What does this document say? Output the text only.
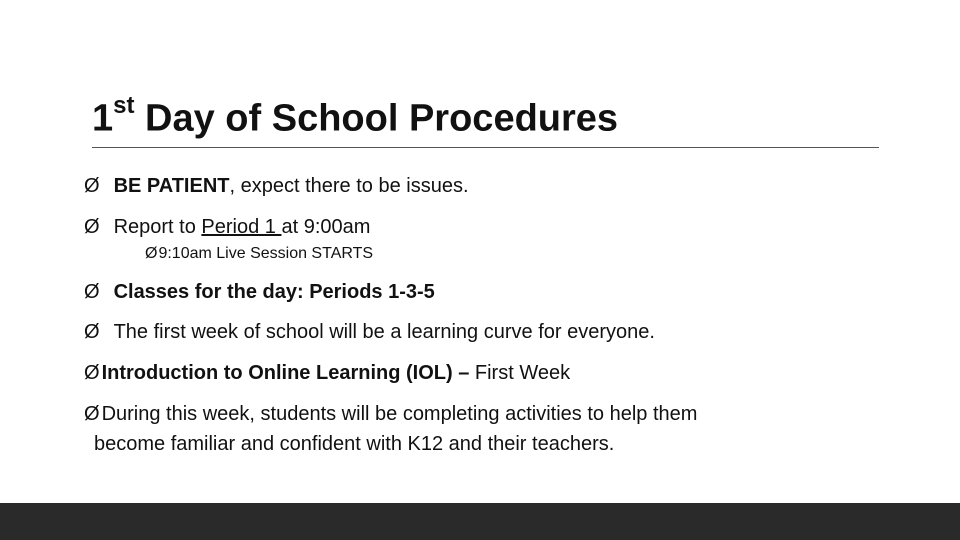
1st Day of School Procedures
Ø BE PATIENT, expect there to be issues.
Ø Report to Period 1 at 9:00am
Ø9:10am Live Session STARTS
Ø Classes for the day: Periods 1-3-5
Ø The first week of school will be a learning curve for everyone.
Ø Introduction to Online Learning (IOL) – First Week
Ø During this week, students will be completing activities to help them
become familiar and confident with K12 and their teachers.
